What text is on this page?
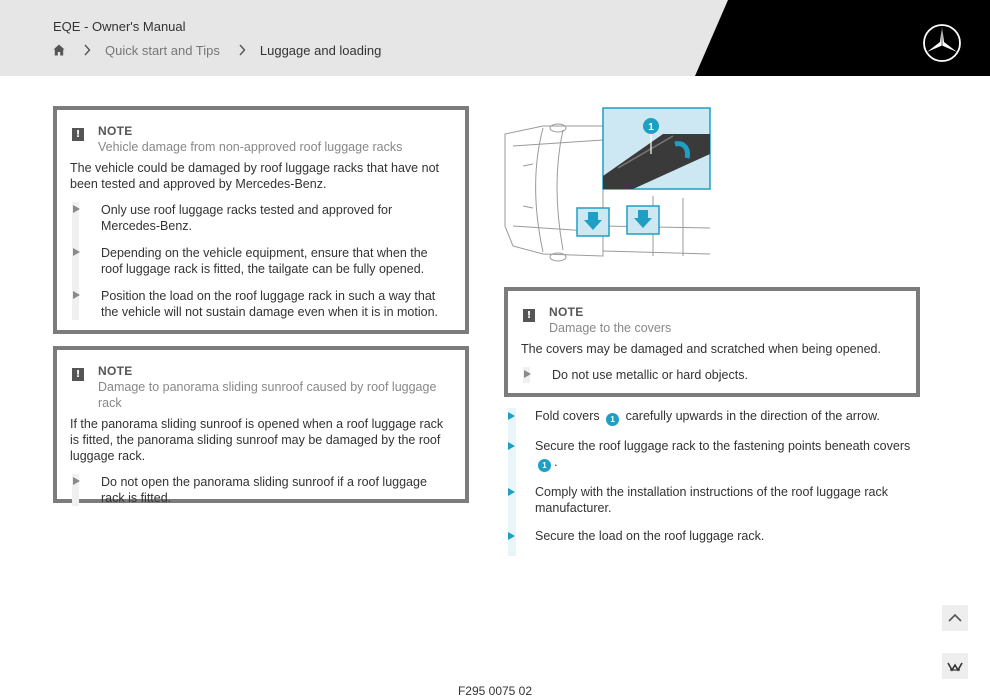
EQE - Owner's Manual
Quick start and Tips	Luggage and loading
!	NOTE
Vehicle damage from non-approved roof luggage racks
The vehicle could be damaged by roof luggage racks that have not been tested and approved by Mercedes-Benz.
Only use roof luggage racks tested and approved for Mercedes-Benz.
Depending on the vehicle equipment, ensure that when the roof luggage rack is fitted, the tailgate can be fully opened.
Position the load on the roof luggage rack in such a way that the vehicle will not sustain damage even when it is in motion.
!	NOTE
Damage to panorama sliding sunroof caused by roof luggage rack
If the panorama sliding sunroof is opened when a roof luggage rack is fitted, the panorama sliding sunroof may be damaged by the roof luggage rack.
Do not open the panorama sliding sunroof if a roof luggage rack is fitted.
1
!	NOTE
Damage to the covers
The covers may be damaged and scratched when being opened.
Do not use metallic or hard objects.
Fold covers 1 carefully upwards in the direction of the arrow.
Secure the roof luggage rack to the fastening points beneath covers 1 .
Comply with the installation instructions of the roof luggage rack manufacturer.
Secure the load on the roof luggage rack.
F295 0075 02
